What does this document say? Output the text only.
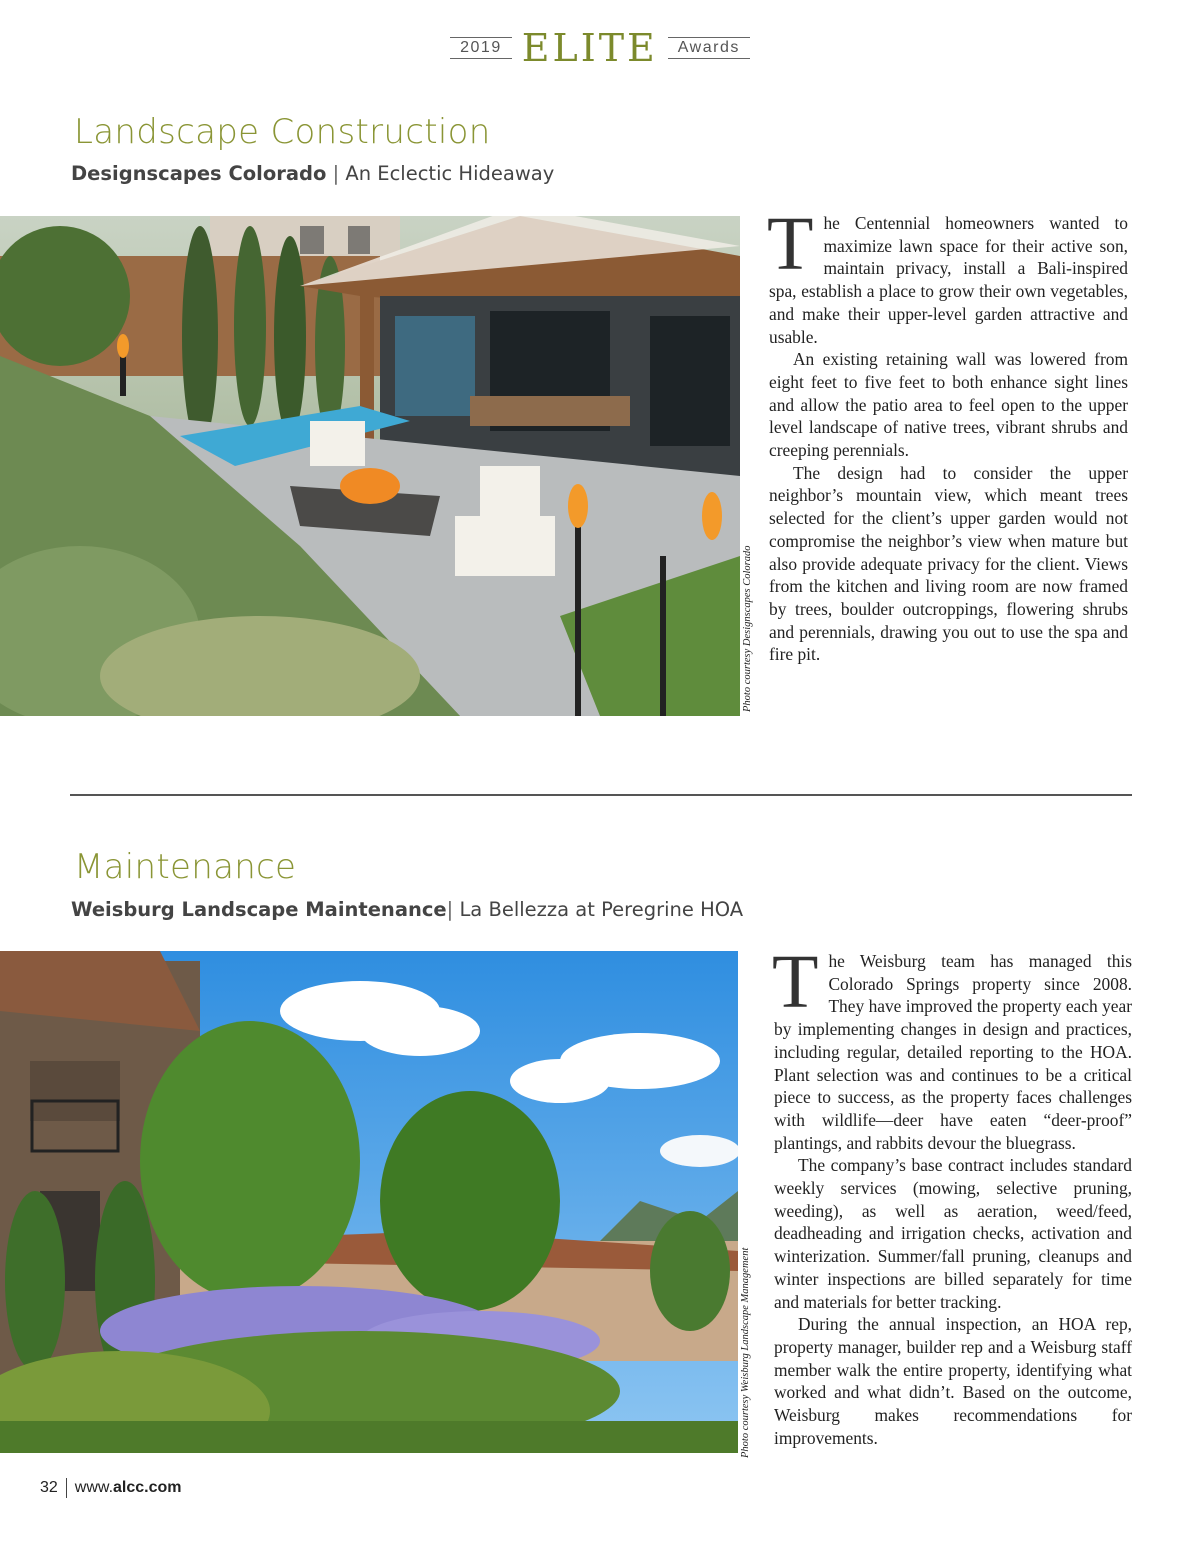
2019 ELITE	Awards
Landscape Construction
Designscapes Colorado | An Eclectic Hideaway
Photo courtesy Designscapes Colorado

The Centennial homeowners wanted to maximize lawn space for their active son, maintain privacy, install a Bali-inspired spa, establish a place to grow their own vegetables, and make their upper-level garden attractive and usable.

An existing retaining wall was lowered from eight feet to five feet to both enhance sight lines and allow the patio area to feel open to the upper level landscape of native trees, vibrant shrubs and creeping perennials.

The design had to consider the upper neighbor’s mountain view, which meant trees selected for the client’s upper garden would not compromise the neighbor’s view when mature but also provide adequate privacy for the client. Views from the kitchen and living room are now framed by trees, boulder outcroppings, flowering shrubs and perennials, drawing you out to use the spa and fire pit.

Maintenance
Weisburg Landscape Maintenance| La Bellezza at Peregrine HOA
Photo courtesy Weisburg Landscape Management

The Weisburg team has managed this Colorado Springs property since 2008. They have improved the property each year by implementing changes in design and practices, including regular, detailed reporting to the HOA. Plant selection was and continues to be a critical piece to success, as the property faces challenges with wildlife—deer have eaten “deer-proof” plantings, and rabbits devour the bluegrass.

The company’s base contract includes standard weekly services (mowing, selective pruning, weeding), as well as aeration, weed/feed, deadheading and irrigation checks, activation and winterization. Summer/fall pruning, cleanups and winter inspections are billed separately for time and materials for better tracking.

During the annual inspection, an HOA rep, property manager, builder rep and a Weisburg staff member walk the entire property, identifying what worked and what didn’t. Based on the outcome, Weisburg makes recommendations for improvements.

32 www.alcc.com
